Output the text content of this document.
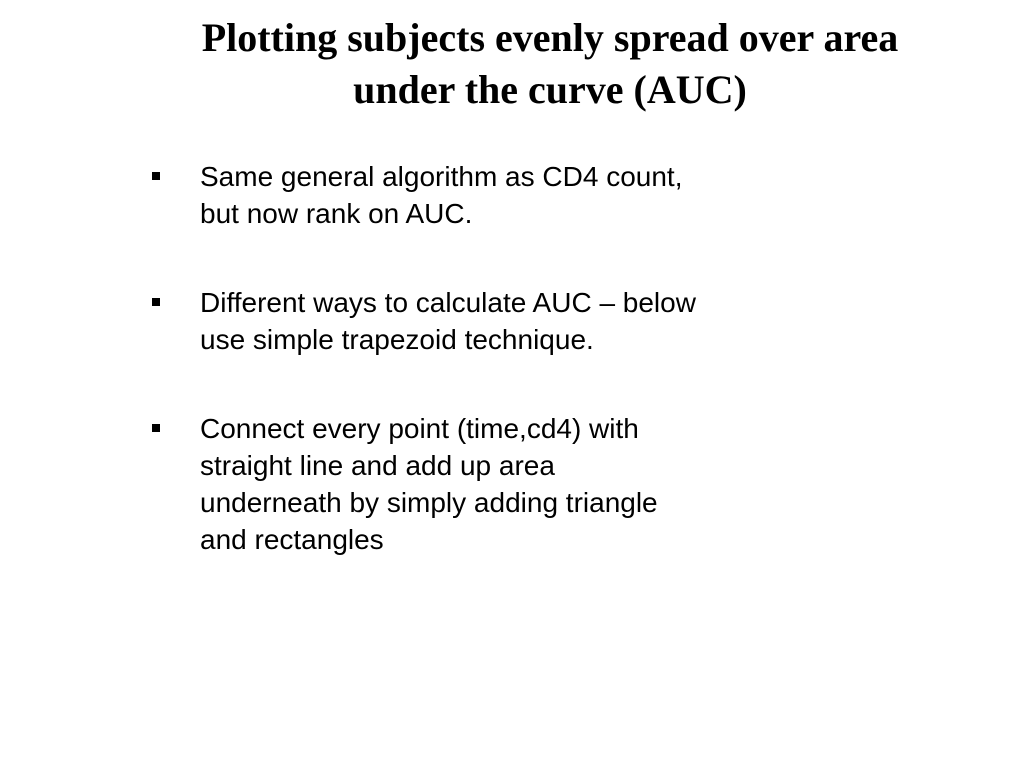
Plotting subjects evenly spread over area
under the curve (AUC)
Same general algorithm as CD4 count,
but now rank on AUC.
Different ways to calculate AUC – below
use simple trapezoid technique.
Connect every point (time,cd4) with
straight line and add up area
underneath by simply adding triangle
and rectangles
